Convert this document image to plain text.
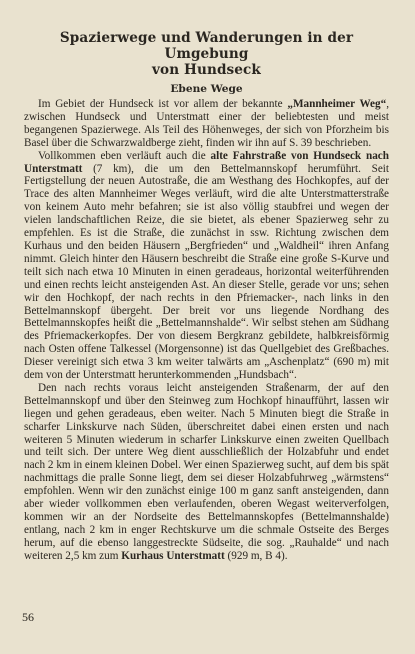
Spazierwege und Wanderungen in der Umgebung
von Hundseck
Ebene Wege

Im Gebiet der Hundseck ist vor allem der bekannte „Mannheimer Weg“, zwischen Hundseck und Unterstmatt einer der beliebtesten und meist begangenen Spazierwege. Als Teil des Höhenweges, der sich von Pforzheim bis Basel über die Schwarzwaldberge zieht, finden wir ihn auf S. 39 beschrieben.

Vollkommen eben verläuft auch die alte Fahrstraße von Hundseck nach Unterstmatt (7 km), die um den Bettelmannskopf herumführt. Seit Fertigstellung der neuen Autostraße, die am Westhang des Hochkopfes, auf der Trace des alten Mannheimer Weges verläuft, wird die alte Unterstmatterstraße von keinem Auto mehr befahren; sie ist also völlig staubfrei und wegen der vielen landschaftlichen Reize, die sie bietet, als ebener Spazierweg sehr zu empfehlen. Es ist die Straße, die zunächst in ssw. Richtung zwischen dem Kurhaus und den beiden Häusern „Bergfrieden“ und „Waldheil“ ihren Anfang nimmt. Gleich hinter den Häusern beschreibt die Straße eine große S-Kurve und teilt sich nach etwa 10 Minuten in einen geradeaus, horizontal weiterführenden und einen rechts leicht ansteigenden Ast. An dieser Stelle, gerade vor uns; sehen wir den Hochkopf, der nach rechts in den Pfriemacker-, nach links in den Bettelmannskopf übergeht. Der breit vor uns liegende Nordhang des Bettelmannskopfes heißt die „Bettelmannshalde“. Wir selbst stehen am Südhang des Pfriemackerkopfes. Der von diesem Bergkranz gebildete, halbkreisförmig nach Osten offene Talkessel (Morgensonne) ist das Quellgebiet des Greßbaches. Dieser vereinigt sich etwa 3 km weiter talwärts am „Aschenplatz“ (690 m) mit dem von der Unterstmatt herunterkommenden „Hundsbach“.

Den nach rechts voraus leicht ansteigenden Straßenarm, der auf den Bettelmannskopf und über den Steinweg zum Hochkopf hinaufführt, lassen wir liegen und gehen geradeaus, eben weiter. Nach 5 Minuten biegt die Straße in scharfer Linkskurve nach Süden, überschreitet dabei einen ersten und nach weiteren 5 Minuten wiederum in scharfer Linkskurve einen zweiten Quellbach und teilt sich. Der untere Weg dient ausschließlich der Holzabfuhr und endet nach 2 km in einem kleinen Dobel. Wer einen Spazierweg sucht, auf dem bis spät nachmittags die pralle Sonne liegt, dem sei dieser Holzabfuhrweg „wärmstens“ empfohlen. Wenn wir den zunächst einige 100 m ganz sanft ansteigenden, dann aber wieder vollkommen eben verlaufenden, oberen Wegast weiterverfolgen, kommen wir an der Nordseite des Bettelmannskopfes (Bettelmannshalde) entlang, nach 2 km in enger Rechtskurve um die schmale Ostseite des Berges herum, auf die ebenso langgestreckte Südseite, die sog. „Rauhalde“ und nach weiteren 2,5 km zum Kurhaus Unterstmatt (929 m, B 4).

56
